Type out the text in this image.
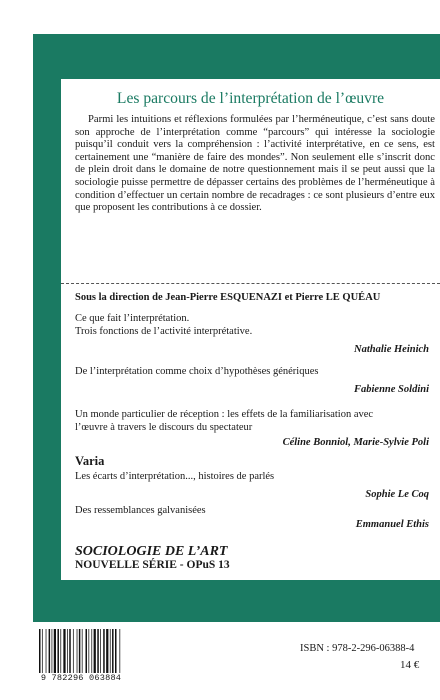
Les parcours de l’interprétation de l’œuvre
Parmi les intuitions et réflexions formulées par l’herméneutique, c’est sans doute son approche de l’interprétation comme “parcours” qui intéresse la sociologie puisqu’il conduit vers la compréhension : l’activité interprétative, en ce sens, est certainement une “manière de faire des mondes”. Non seulement elle s’inscrit donc de plein droit dans le domaine de notre questionnement mais il se peut aussi que la sociologie puisse permettre de dépasser certains des problèmes de l’herméneutique à condition d’effectuer un certain nombre de recadrages : ce sont plusieurs d’entre eux que proposent les contributions à ce dossier.
Sous la direction de Jean-Pierre ESQUENAZI et Pierre LE QUÉAU
Ce que fait l’interprétation.
Trois fonctions de l’activité interprétative.
Nathalie Heinich
De l’interprétation comme choix d’hypothèses génériques
Fabienne Soldini
Un monde particulier de réception : les effets de la familiarisation avec
l’œuvre à travers le discours du spectateur
Céline Bonniol, Marie-Sylvie Poli
Varia
Les écarts d’interprétation..., histoires de parlés
Sophie Le Coq
Des ressemblances galvanisées
Emmanuel Ethis
SOCIOLOGIE DE L’ART
NOUVELLE SÉRIE - OPuS 13
9 782296 063884
ISBN : 978-2-296-06388-4
14 €
